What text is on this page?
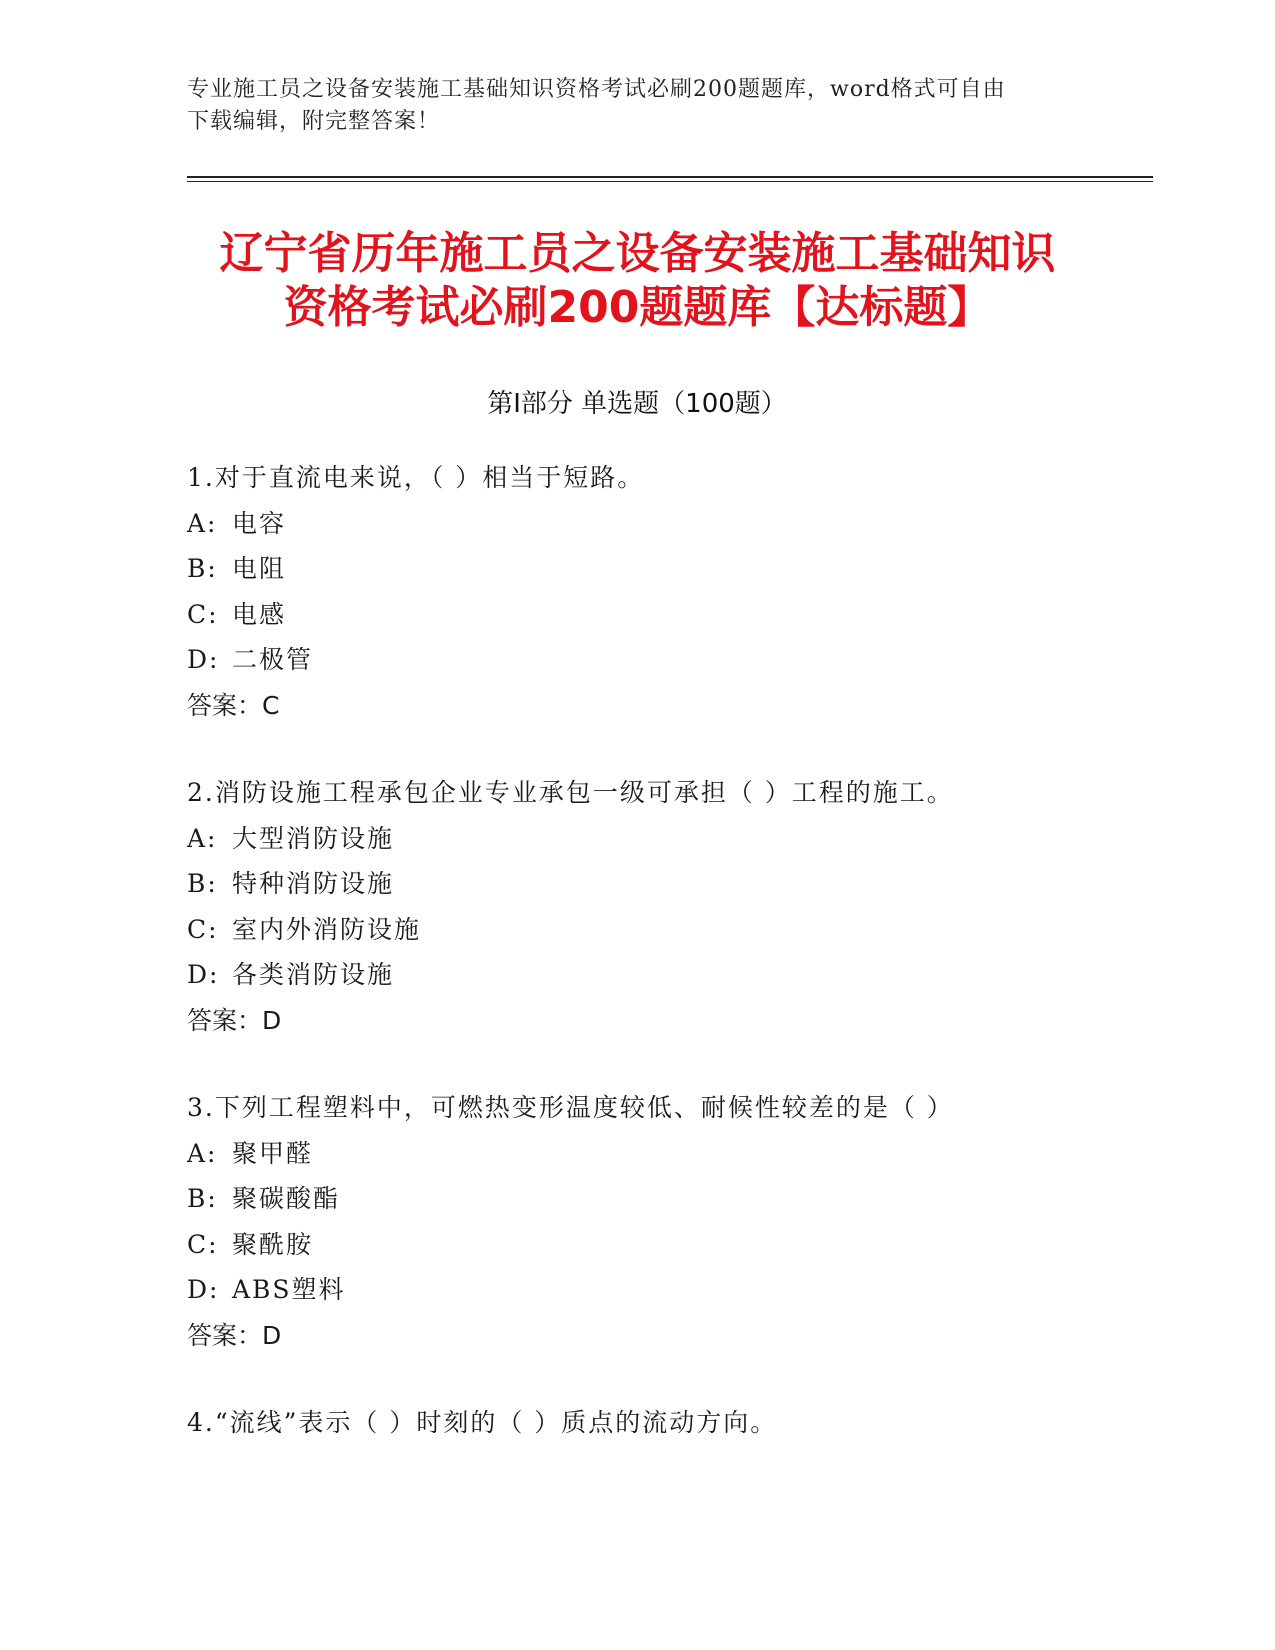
专业施工员之设备安装施工基础知识资格考试必刷200题题库，word格式可自由
下载编辑，附完整答案！
辽宁省历年施工员之设备安装施工基础知识
资格考试必刷200题题库【达标题】
第Ⅰ部分 单选题（100题）
1.对于直流电来说，（ ）相当于短路。
A: 电容
B: 电阻
C: 电感
D: 二极管
答案：C
2.消防设施工程承包企业专业承包一级可承担（ ）工程的施工。
A: 大型消防设施
B: 特种消防设施
C: 室内外消防设施
D: 各类消防设施
答案：D
3.下列工程塑料中，可燃热变形温度较低、耐候性较差的是（ ）
A: 聚甲醛
B: 聚碳酸酯
C: 聚酰胺
D: ABS塑料
答案：D
4.“流线”表示（ ）时刻的（ ）质点的流动方向。
